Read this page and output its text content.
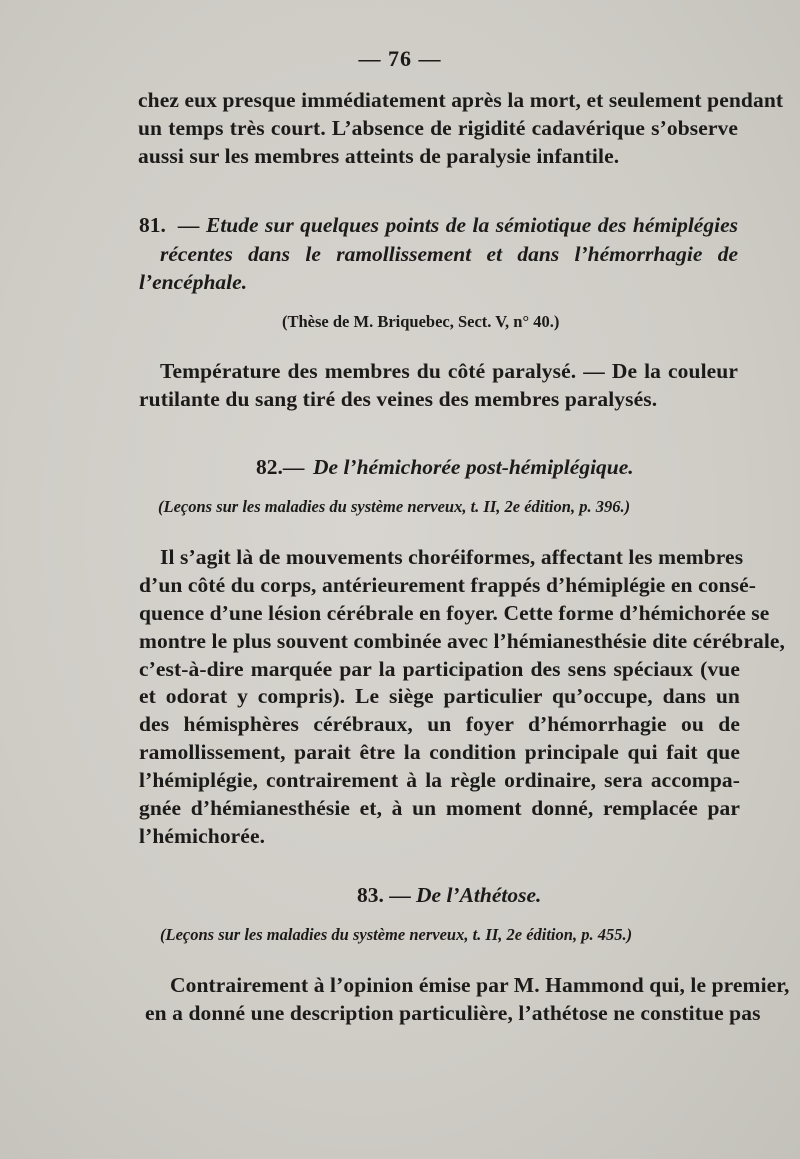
— 76 —
chez eux presque immédiatement après la mort, et seulement pendant
un temps très court. L’absence de rigidité cadavérique s’observe
aussi sur les membres atteints de paralysie infantile.
81. — Etude sur quelques points de la sémiotique des hémiplégies
récentes dans le ramollissement et dans l’hémorrhagie de
l’encéphale.
(Thèse de M. Briquebec, Sect. V, n° 40.)
Température des membres du côté paralysé. — De la couleur
rutilante du sang tiré des veines des membres paralysés.
82.— De l’hémichorée post-hémiplégique.
(Leçons sur les maladies du système nerveux, t. II, 2e édition, p. 396.)
Il s’agit là de mouvements choréiformes, affectant les membres
d’un côté du corps, antérieurement frappés d’hémiplégie en consé-
quence d’une lésion cérébrale en foyer. Cette forme d’hémichorée se
montre le plus souvent combinée avec l’hémianesthésie dite cérébrale,
c’est-à-dire marquée par la participation des sens spéciaux (vue
et odorat y compris). Le siège particulier qu’occupe, dans un
des hémisphères cérébraux, un foyer d’hémorrhagie ou de
ramollissement, parait être la condition principale qui fait que
l’hémiplégie, contrairement à la règle ordinaire, sera accompa-
gnée d’hémianesthésie et, à un moment donné, remplacée par
l’hémichorée.
83. — De l’Athétose.
(Leçons sur les maladies du système nerveux, t. II, 2e édition, p. 455.)
Contrairement à l’opinion émise par M. Hammond qui, le premier,
en a donné une description particulière, l’athétose ne constitue pas
